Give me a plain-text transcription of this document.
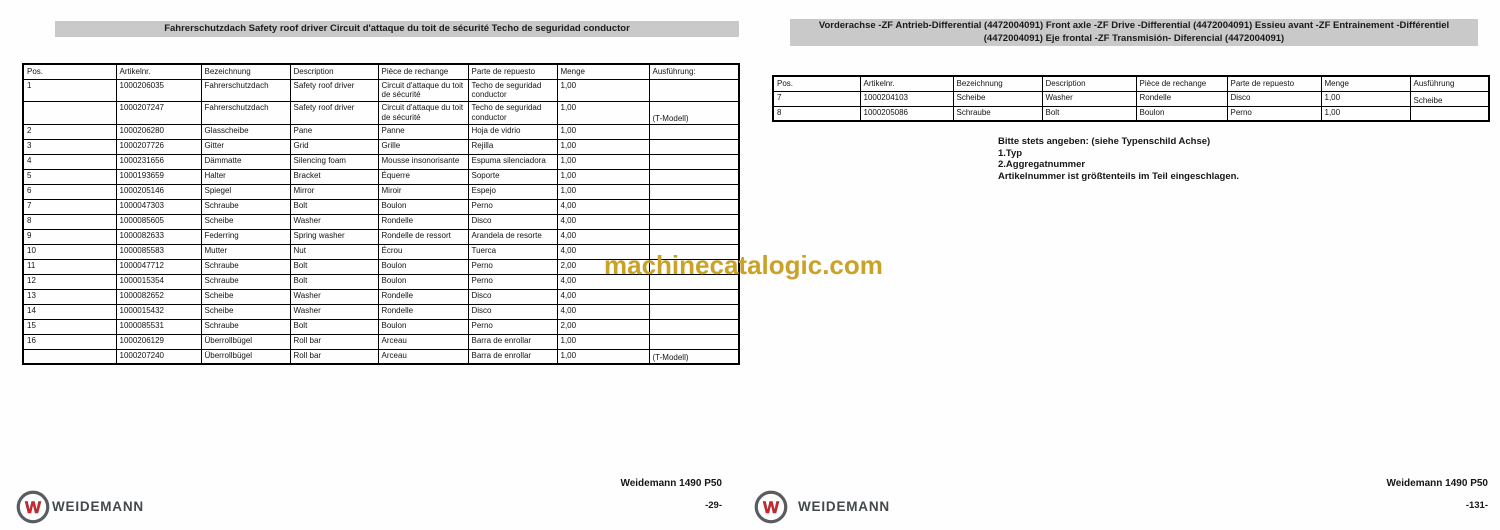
Fahrerschutzdach Safety roof driver Circuit d'attaque du toit de sécurité Techo de seguridad conductor
Pos.	Artikelnr.	Bezeichnung	Description	Pièce de rechange	Parte de repuesto	Menge	Ausführung:
1	1000206035	Fahrerschutzdach	Safety roof driver	Circuit d'attaque du toit de sécurité	Techo de seguridad conductor	1,00	
	1000207247	Fahrerschutzdach	Safety roof driver	Circuit d'attaque du toit de sécurité	Techo de seguridad conductor	1,00	(T-Modell)
2	1000206280	Glasscheibe	Pane	Panne	Hoja de vidrio	1,00	
3	1000207726	Gitter	Grid	Grille	Rejilla	1,00	
4	1000231656	Dämmatte	Silencing foam	Mousse insonorisante	Espuma silenciadora	1,00	
5	1000193659	Halter	Bracket	Équerre	Soporte	1,00	
6	1000205146	Spiegel	Mirror	Miroir	Espejo	1,00	
7	1000047303	Schraube	Bolt	Boulon	Perno	4,00	
8	1000085605	Scheibe	Washer	Rondelle	Disco	4,00	
9	1000082633	Federring	Spring washer	Rondelle de ressort	Arandela de resorte	4,00	
10	1000085583	Mutter	Nut	Écrou	Tuerca	4,00	
11	1000047712	Schraube	Bolt	Boulon	Perno	2,00	
12	1000015354	Schraube	Bolt	Boulon	Perno	4,00	
13	1000082652	Scheibe	Washer	Rondelle	Disco	4,00	
14	1000015432	Scheibe	Washer	Rondelle	Disco	4,00	
15	1000085531	Schraube	Bolt	Boulon	Perno	2,00	
16	1000206129	Überrollbügel	Roll bar	Arceau	Barra de enrollar	1,00	
	1000207240	Überrollbügel	Roll bar	Arceau	Barra de enrollar	1,00	(T-Modell)
W WEIDEMANN
Weidemann 1490 P50
-29-
Vorderachse -ZF Antrieb-Differential (4472004091) Front axle -ZF Drive -Differential (4472004091) Essieu avant -ZF Entrainement -Différentiel (4472004091) Eje frontal -ZF Transmisión- Diferencial (4472004091)
Pos.	Artikelnr.	Bezeichnung	Description	Pièce de rechange	Parte de repuesto	Menge	Ausführung
7	1000204103	Scheibe	Washer	Rondelle	Disco	1,00	Scheibe
8	1000205086	Schraube	Bolt	Boulon	Perno	1,00	
Bitte stets angeben: (siehe Typenschild Achse)
1.Typ
2.Aggregatnummer
Artikelnummer ist größtenteils im Teil eingeschlagen.
W WEIDEMANN
Weidemann 1490 P50
-131-
machinecatalogic.com
